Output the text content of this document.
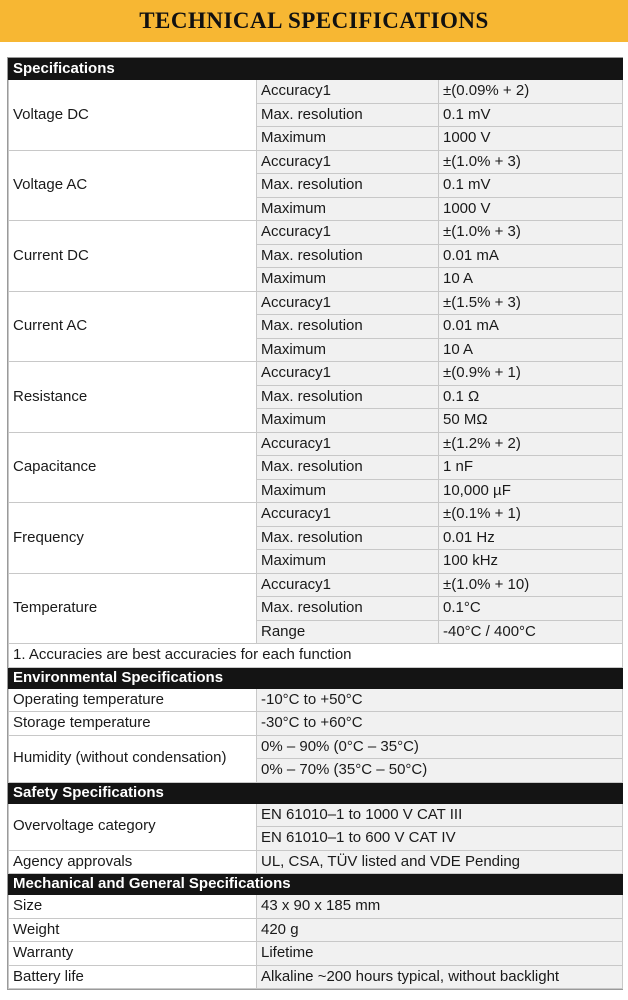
TECHNICAL SPECIFICATIONS
Specifications		
Voltage DC	Accuracy1	±(0.09% + 2)
	Max. resolution	0.1 mV
	Maximum	1000 V
Voltage AC	Accuracy1	±(1.0% + 3)
	Max. resolution	0.1 mV
	Maximum	1000 V
Current DC	Accuracy1	±(1.0% + 3)
	Max. resolution	0.01 mA
	Maximum	10 A
Current AC	Accuracy1	±(1.5% + 3)
	Max. resolution	0.01 mA
	Maximum	10 A
Resistance	Accuracy1	±(0.9% + 1)
	Max. resolution	0.1 Ω
	Maximum	50 MΩ
Capacitance	Accuracy1	±(1.2% + 2)
	Max. resolution	1 nF
	Maximum	10,000 µF
Frequency	Accuracy1	±(0.1% + 1)
	Max. resolution	0.01 Hz
	Maximum	100 kHz
Temperature	Accuracy1	±(1.0% + 10)
	Max. resolution	0.1°C
	Range	-40°C / 400°C
1. Accuracies are best accuracies for each function		
Environmental Specifications		
Operating temperature	-10°C to +50°C	
Storage temperature	-30°C to +60°C	
Humidity (without condensation)	0% – 90% (0°C – 35°C)	
	0% – 70% (35°C – 50°C)	
Safety Specifications		
Overvoltage category	EN 61010–1 to 1000 V CAT III	
	EN 61010–1 to 600 V CAT IV	
Agency approvals	UL, CSA, TÜV listed and VDE Pending	
Mechanical and General Specifications		
Size	43 x 90 x 185 mm	
Weight	420 g	
Warranty	Lifetime	
Battery life	Alkaline ~200 hours typical, without backlight	
